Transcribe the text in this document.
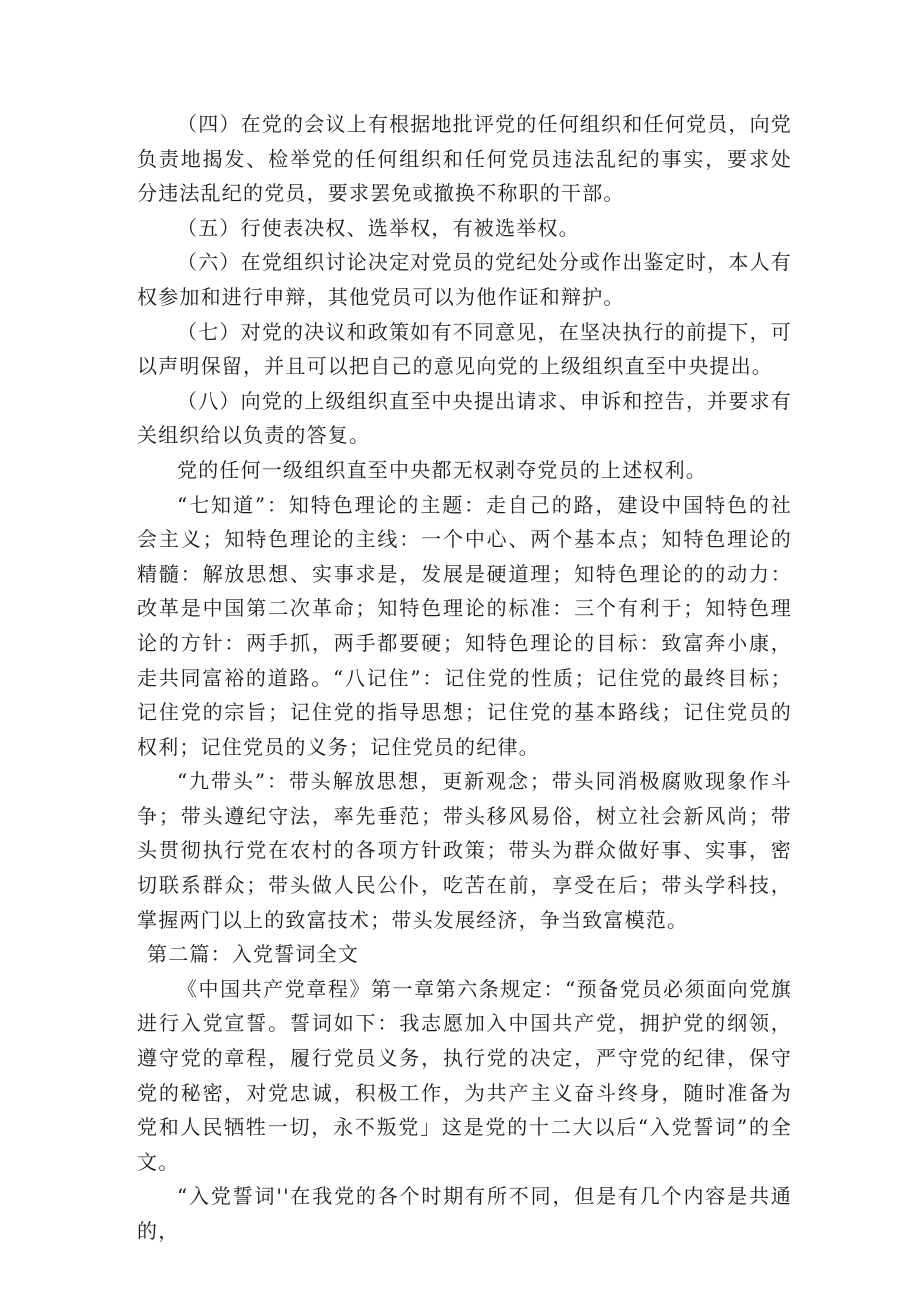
（四）在党的会议上有根据地批评党的任何组织和任何党员，向党负责地揭发、检举党的任何组织和任何党员违法乱纪的事实，要求处分违法乱纪的党员，要求罢免或撤换不称职的干部。

（五）行使表决权、选举权，有被选举权。

（六）在党组织讨论决定对党员的党纪处分或作出鉴定时，本人有权参加和进行申辩，其他党员可以为他作证和辩护。

（七）对党的决议和政策如有不同意见，在坚决执行的前提下，可以声明保留，并且可以把自己的意见向党的上级组织直至中央提出。

（八）向党的上级组织直至中央提出请求、申诉和控告，并要求有关组织给以负责的答复。

党的任何一级组织直至中央都无权剥夺党员的上述权利。

“七知道”：知特色理论的主题：走自己的路，建设中国特色的社会主义；知特色理论的主线：一个中心、两个基本点；知特色理论的精髓：解放思想、实事求是，发展是硬道理；知特色理论的的动力：改革是中国第二次革命；知特色理论的标准：三个有利于；知特色理论的方针：两手抓，两手都要硬；知特色理论的目标：致富奔小康，走共同富裕的道路。“八记住”：记住党的性质；记住党的最终目标；记住党的宗旨；记住党的指导思想；记住党的基本路线；记住党员的权利；记住党员的义务；记住党员的纪律。

“九带头”：带头解放思想，更新观念；带头同消极腐败现象作斗争；带头遵纪守法，率先垂范；带头移风易俗，树立社会新风尚；带头贯彻执行党在农村的各项方针政策；带头为群众做好事、实事，密切联系群众；带头做人民公仆，吃苦在前，享受在后；带头学科技，掌握两门以上的致富技术；带头发展经济，争当致富模范。

第二篇：入党誓词全文

《中国共产党章程》第一章第六条规定：“预备党员必须面向党旗进行入党宣誓。誓词如下：我志愿加入中国共产党，拥护党的纲领，遵守党的章程，履行党员义务，执行党的决定，严守党的纪律，保守党的秘密，对党忠诚，积极工作，为共产主义奋斗终身，随时准备为党和人民牺牲一切，永不叛党」这是党的十二大以后“入党誓词”的全文。

“入党誓词''在我党的各个时期有所不同，但是有几个内容是共通的，
